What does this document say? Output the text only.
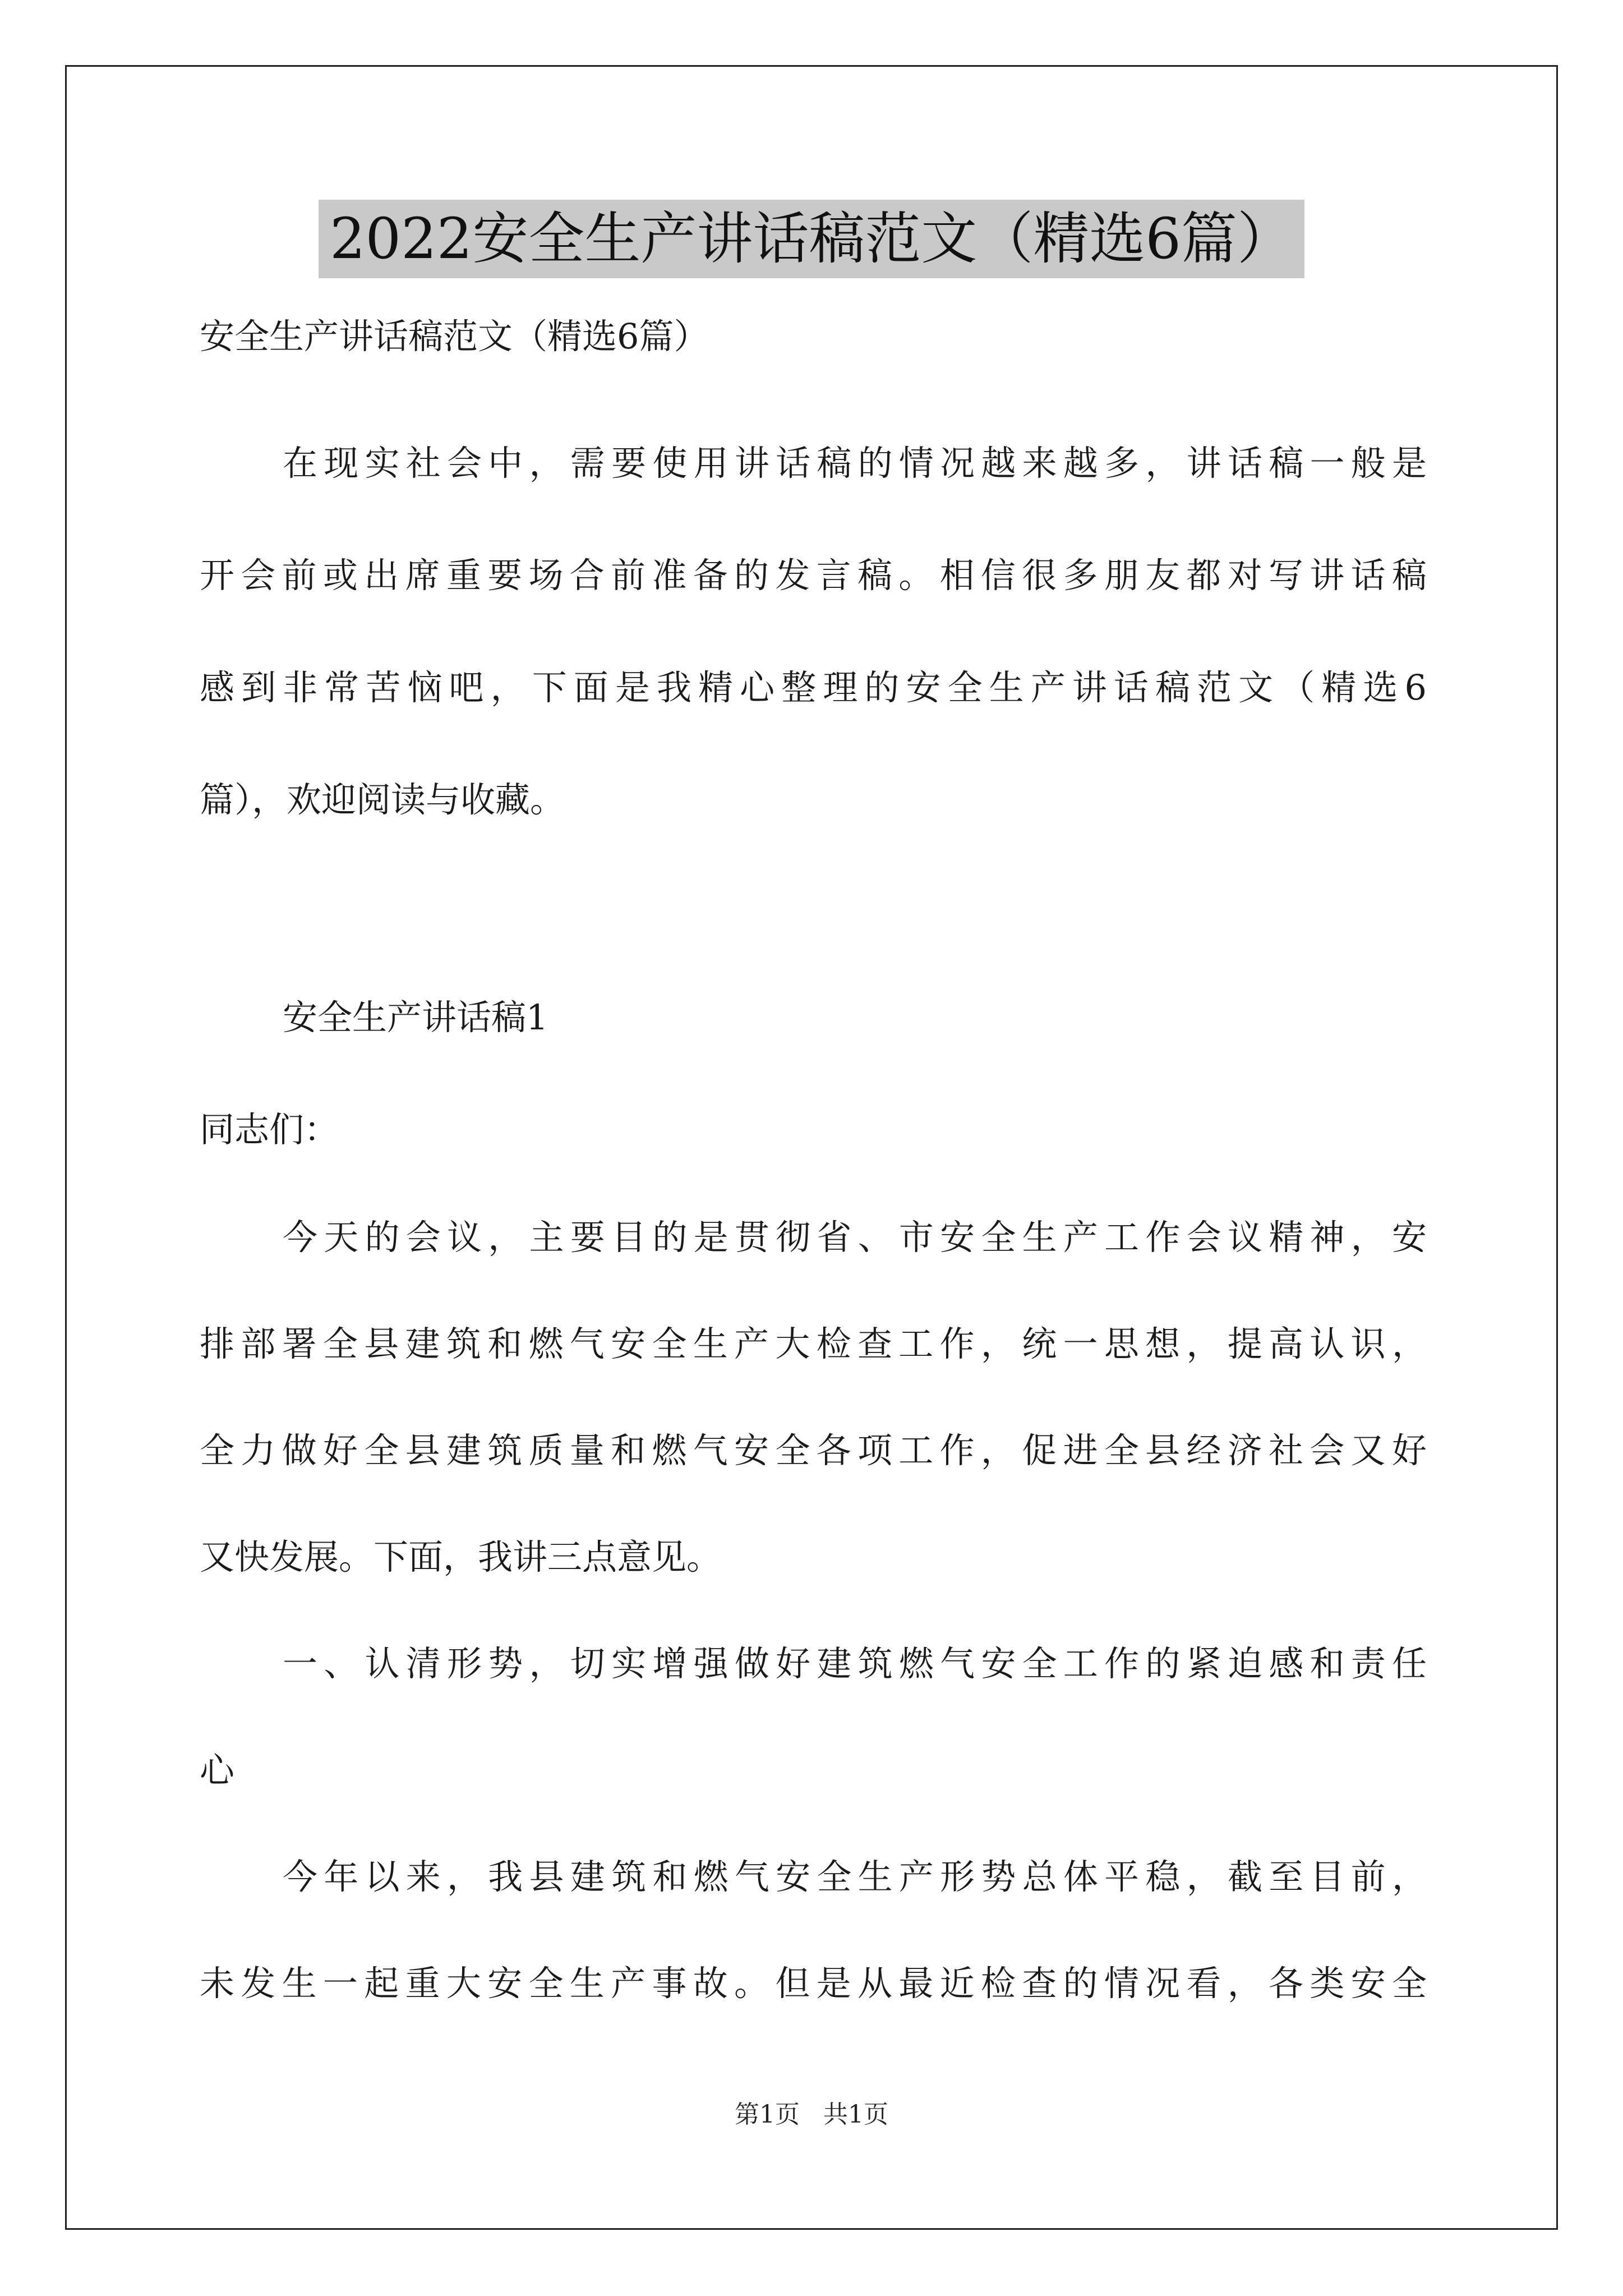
2022安全生产讲话稿范文（精选6篇）
安全生产讲话稿范文（精选6篇）
在现实社会中，需要使用讲话稿的情况越来越多，讲话稿一般是
开会前或出席重要场合前准备的发言稿。相信很多朋友都对写讲话稿
感到非常苦恼吧，下面是我精心整理的安全生产讲话稿范文（精选6
篇），欢迎阅读与收藏。
安全生产讲话稿1
同志们：
今天的会议，主要目的是贯彻省、市安全生产工作会议精神，安
排部署全县建筑和燃气安全生产大检查工作，统一思想，提高认识，
全力做好全县建筑质量和燃气安全各项工作，促进全县经济社会又好
又快发展。下面，我讲三点意见。
一、认清形势，切实增强做好建筑燃气安全工作的紧迫感和责任
心
今年以来，我县建筑和燃气安全生产形势总体平稳，截至目前，
未发生一起重大安全生产事故。但是从最近检查的情况看，各类安全
第1页   共1页
